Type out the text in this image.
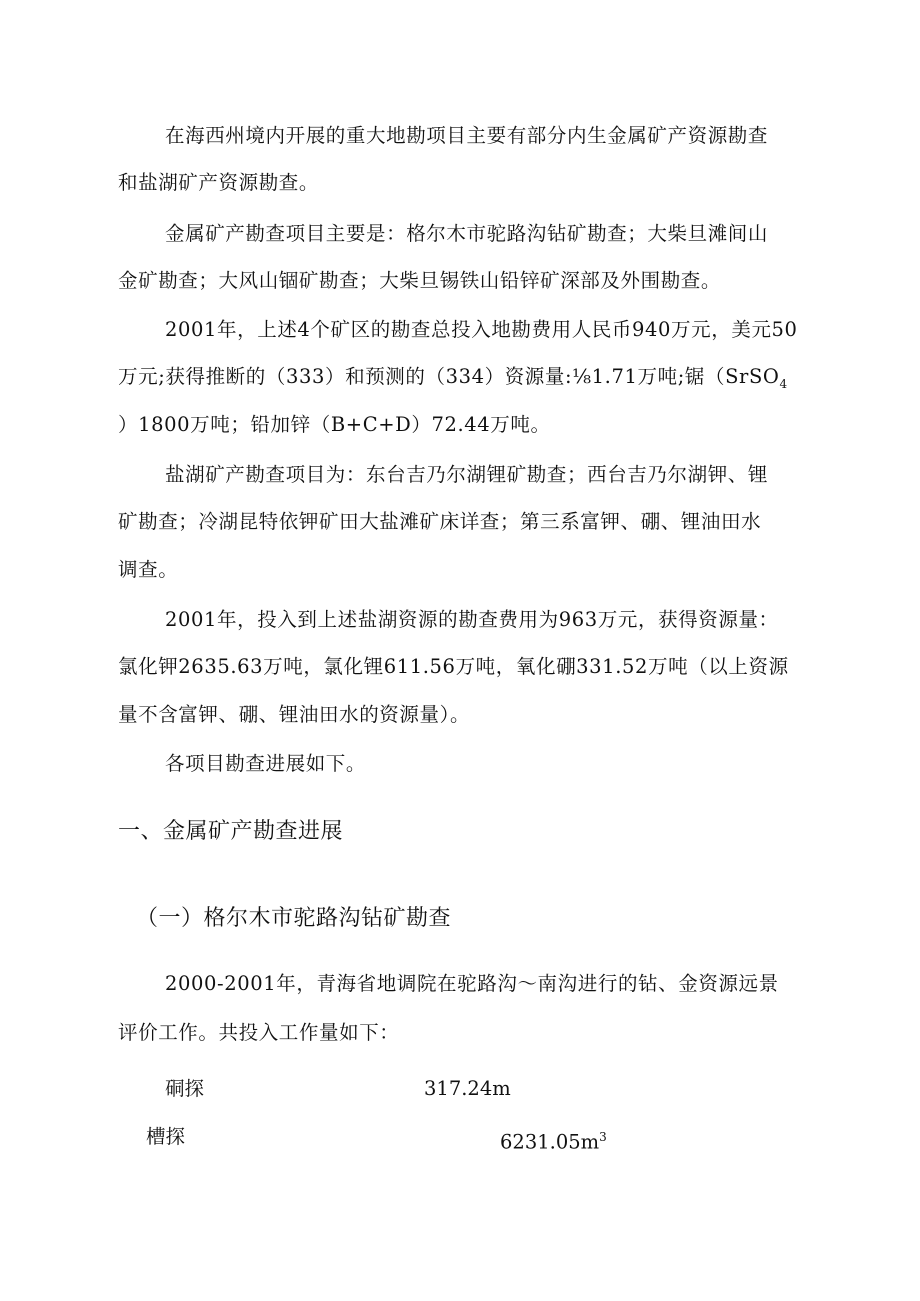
在海西州境内开展的重大地勘项目主要有部分内生金属矿产资源勘查
和盐湖矿产资源勘查。
金属矿产勘查项目主要是：格尔木市驼路沟钻矿勘查；大柴旦滩间山
金矿勘查；大风山锢矿勘查；大柴旦锡铁山铅锌矿深部及外围勘查。
2001年，上述4个矿区的勘查总投入地勘费用人民币940万元，美元50
万元;获得推断的（333）和预测的（334）资源量:⅛1.71万吨;锯（SrSO$_4$
）1800万吨；铅加锌（B+C+D）72.44万吨。
盐湖矿产勘查项目为：东台吉乃尔湖锂矿勘查；西台吉乃尔湖钾、锂
矿勘查；冷湖昆特依钾矿田大盐滩矿床详查；第三系富钾、硼、锂油田水
调查。
2001年，投入到上述盐湖资源的勘查费用为963万元，获得资源量：
氯化钾2635.63万吨，氯化锂611.56万吨，氧化硼331.52万吨（以上资源
量不含富钾、硼、锂油田水的资源量）。
各项目勘查进展如下。
一、金属矿产勘查进展
（一）格尔木市驼路沟钻矿勘查
2000-2001年，青海省地调院在驼路沟～南沟进行的钻、金资源远景
评价工作。共投入工作量如下：
硐探	317.24m
槽探	$6231.05m^3$
